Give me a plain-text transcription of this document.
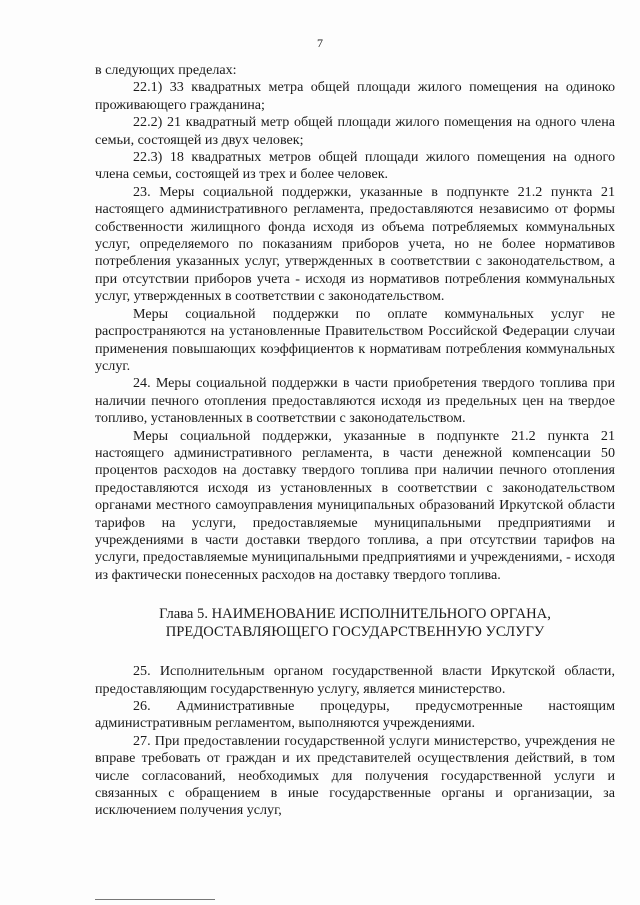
7

в следующих пределах:

22.1) 33 квадратных метра общей площади жилого помещения на одиноко проживающего гражданина;

22.2) 21 квадратный метр общей площади жилого помещения на одного члена семьи, состоящей из двух человек;

22.3) 18 квадратных метров общей площади жилого помещения на одного члена семьи, состоящей из трех и более человек.

23. Меры социальной поддержки, указанные в подпункте 21.2 пункта 21 настоящего административного регламента, предоставляются независимо от формы собственности жилищного фонда исходя из объема потребляемых коммунальных услуг, определяемого по показаниям приборов учета, но не более нормативов потребления указанных услуг, утвержденных в соответствии с законодательством, а при отсутствии приборов учета - исходя из нормативов потребления коммунальных услуг, утвержденных в соответствии с законодательством.

Меры социальной поддержки по оплате коммунальных услуг не распространяются на установленные Правительством Российской Федерации случаи применения повышающих коэффициентов к нормативам потребления коммунальных услуг.

24. Меры социальной поддержки в части приобретения твердого топлива при наличии печного отопления предоставляются исходя из предельных цен на твердое топливо, установленных в соответствии с законодательством.

Меры социальной поддержки, указанные в подпункте 21.2 пункта 21 настоящего административного регламента, в части денежной компенсации 50 процентов расходов на доставку твердого топлива при наличии печного отопления предоставляются исходя из установленных в соответствии с законодательством органами местного самоуправления муниципальных образований Иркутской области тарифов на услуги, предоставляемые муниципальными предприятиями и учреждениями в части доставки твердого топлива, а при отсутствии тарифов на услуги, предоставляемые муниципальными предприятиями и учреждениями, - исходя из фактически понесенных расходов на доставку твердого топлива.

Глава 5. НАИМЕНОВАНИЕ ИСПОЛНИТЕЛЬНОГО ОРГАНА,
ПРЕДОСТАВЛЯЮЩЕГО ГОСУДАРСТВЕННУЮ УСЛУГУ

25. Исполнительным органом государственной власти Иркутской области, предоставляющим государственную услугу, является министерство.

26. Административные процедуры, предусмотренные настоящим административным регламентом, выполняются учреждениями.

27. При предоставлении государственной услуги министерство, учреждения не вправе требовать от граждан и их представителей осуществления действий, в том числе согласований, необходимых для получения государственной услуги и связанных с обращением в иные государственные органы и организации, за исключением получения услуг,
